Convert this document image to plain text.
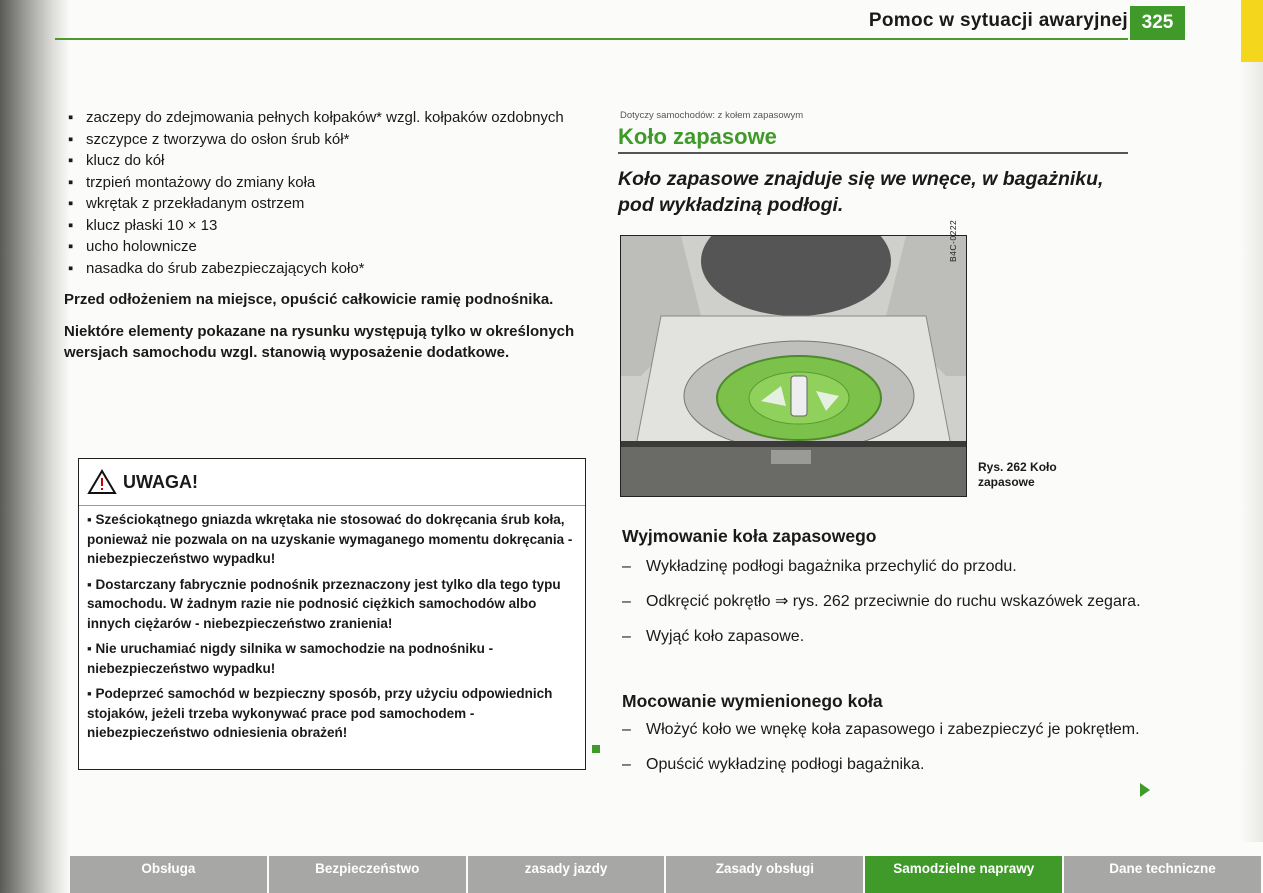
Pomoc w sytuacji awaryjnej 325
▪ zaczepy do zdejmowania pełnych kołpaków* wzgl. kołpaków ozdobnych
▪ szczypce z tworzywa do osłon śrub kół*
▪ klucz do kół
▪ trzpień montażowy do zmiany koła
▪ wkrętak z przekładanym ostrzem
▪ klucz płaski 10 × 13
▪ ucho holownicze
▪ nasadka do śrub zabezpieczających koło*

Przed odłożeniem na miejsce, opuścić całkowicie ramię podnośnika.

Niektóre elementy pokazane na rysunku występują tylko w określonych wersjach samochodu wzgl. stanowią wyposażenie dodatkowe.

UWAGA!

▪ Sześciokątnego gniazda wkrętaka nie stosować do dokręcania śrub koła, ponieważ nie pozwala on na uzyskanie wymaganego momentu dokręcania - niebezpieczeństwo wypadku!

▪ Dostarczany fabrycznie podnośnik przeznaczony jest tylko dla tego typu samochodu. W żadnym razie nie podnosić ciężkich samochodów albo innych ciężarów - niebezpieczeństwo zranienia!

▪ Nie uruchamiać nigdy silnika w samochodzie na podnośniku - niebezpieczeństwo wypadku!

▪ Podeprzeć samochód w bezpieczny sposób, przy użyciu odpowiednich stojaków, jeżeli trzeba wykonywać prace pod samochodem - niebezpieczeństwo odniesienia obrażeń!

Dotyczy samochodów: z kołem zapasowym
Koło zapasowe
Koło zapasowe znajduje się we wnęce, w bagażniku, pod wykładziną podłogi.
B4C-0222
Rys. 262 Koło
zapasowe
Wyjmowanie koła zapasowego
– Wykładzinę podłogi bagażnika przechylić do przodu.
– Odkręcić pokrętło ⇒ rys. 262 przeciwnie do ruchu wskazówek zegara.
– Wyjąć koło zapasowe.
Mocowanie wymienionego koła
– Włożyć koło we wnękę koła zapasowego i zabezpieczyć je pokrętłem.
– Opuścić wykładzinę podłogi bagażnika.
Obsługa	Bezpieczeństwo	zasady jazdy	Zasady obsługi	Samodzielne naprawy	Dane techniczne
